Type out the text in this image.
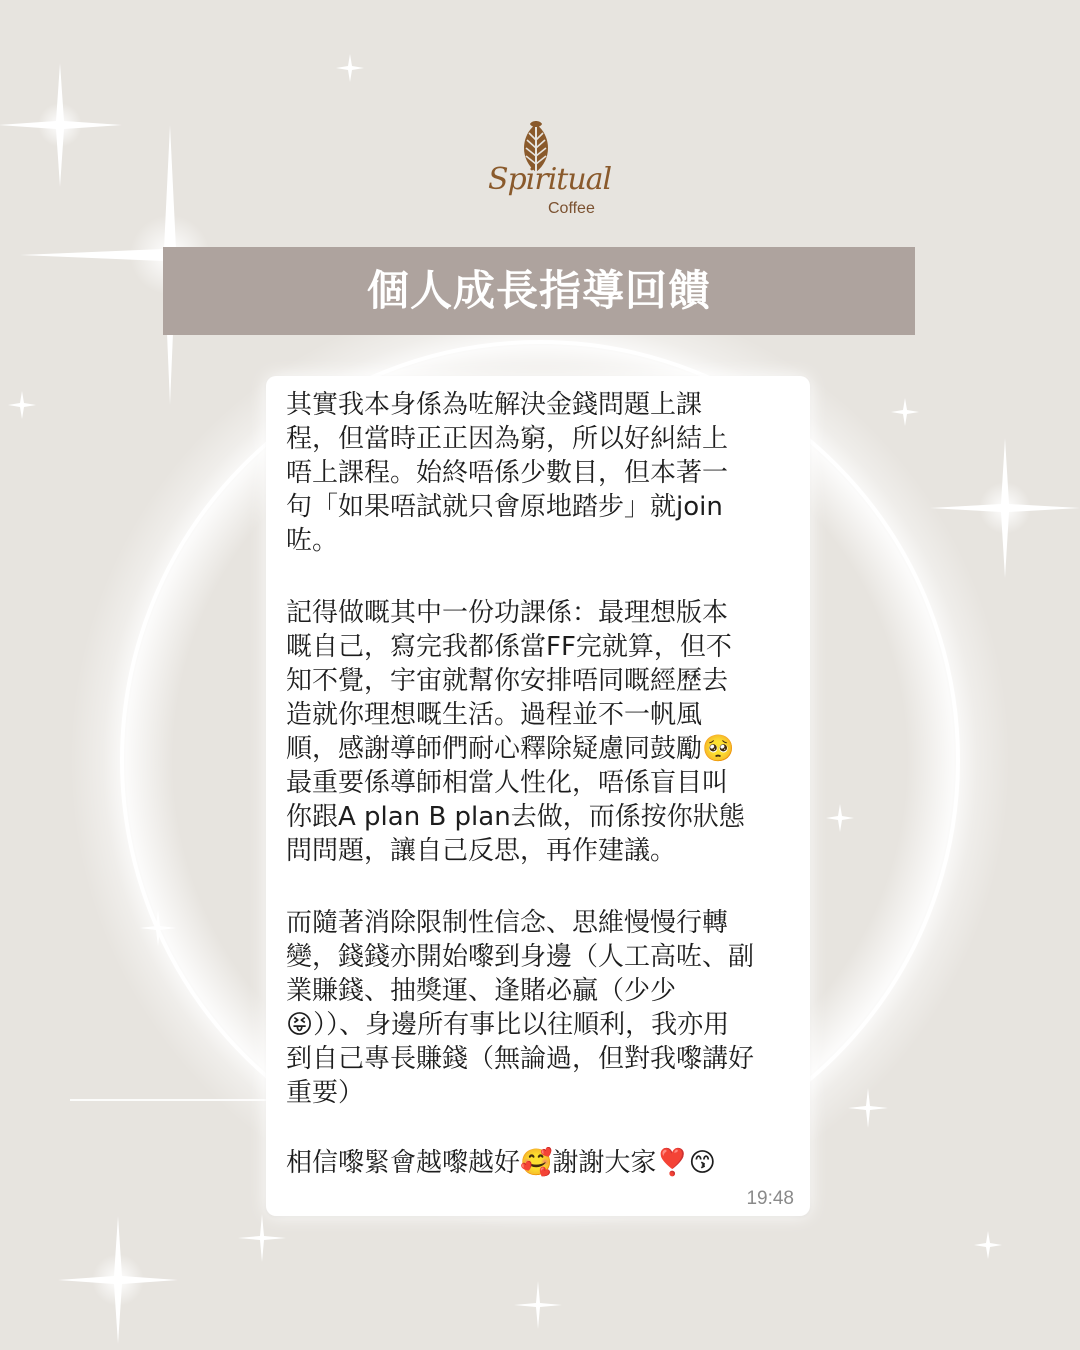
Spiritual
Coffee
個人成長指導回饋

其實我本身係為咗解決金錢問題上課
程，但當時正正因為窮，所以好糾結上
唔上課程。始終唔係少數目，但本著一
句「如果唔試就只會原地踏步」就join
咗。

記得做嘅其中一份功課係：最理想版本
嘅自己，寫完我都係當FF完就算，但不
知不覺，宇宙就幫你安排唔同嘅經歷去
造就你理想嘅生活。過程並不一帆風
順，感謝導師們耐心釋除疑慮同鼓勵🥺
最重要係導師相當人性化，唔係盲目叫
你跟A plan B plan去做，而係按你狀態
問問題，讓自己反思，再作建議。

而隨著消除限制性信念、思維慢慢行轉
變，錢錢亦開始嚟到身邊（人工高咗、副
業賺錢、抽獎運、逢賭必贏（少少
😝））、身邊所有事比以往順利，我亦用
到自己專長賺錢（無論過，但對我嚟講好
重要）

相信嚟緊會越嚟越好🥰謝謝大家❣️😙

19:48
